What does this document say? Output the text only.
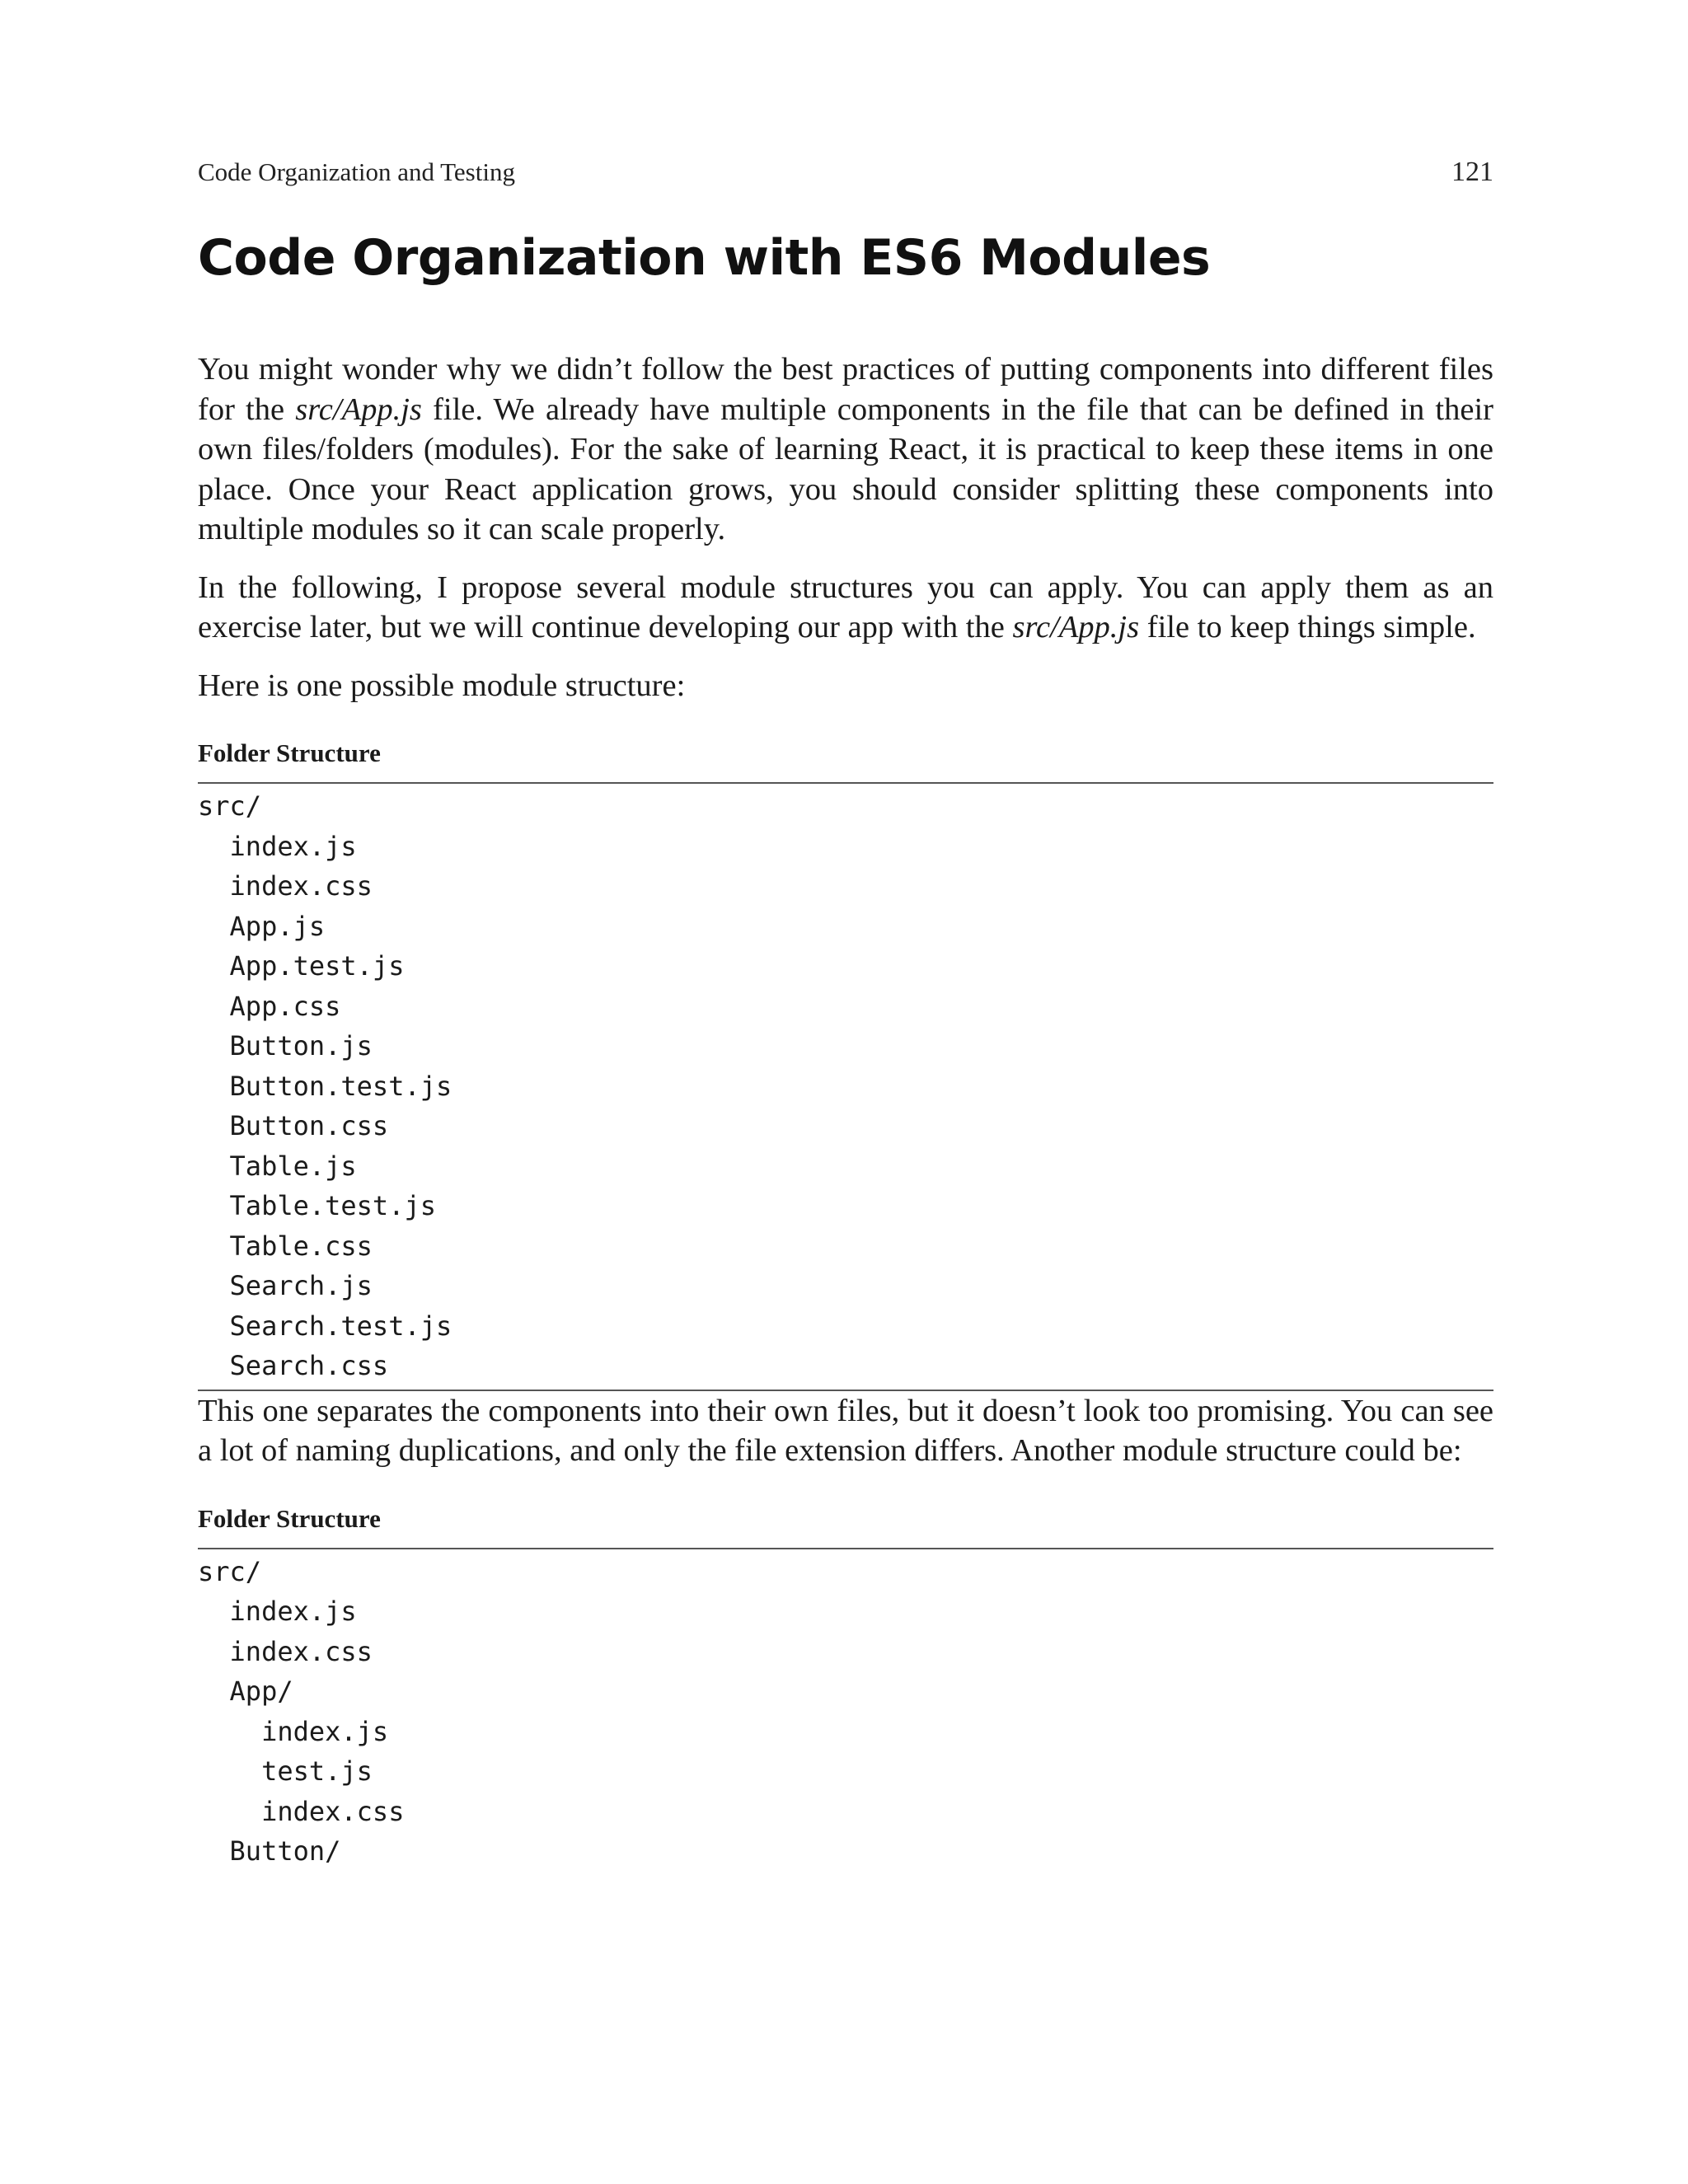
Code Organization and Testing	121
Code Organization with ES6 Modules

You might wonder why we didn’t follow the best practices of putting components into different files for the src/App.js file. We already have multiple components in the file that can be defined in their own files/folders (modules). For the sake of learning React, it is practical to keep these items in one place. Once your React application grows, you should consider splitting these components into multiple modules so it can scale properly.

In the following, I propose several module structures you can apply. You can apply them as an exercise later, but we will continue developing our app with the src/App.js file to keep things simple.

Here is one possible module structure:

Folder Structure
src/
index.js
index.css
App.js
App.test.js
App.css
Button.js
Button.test.js
Button.css
Table.js
Table.test.js
Table.css
Search.js
Search.test.js
Search.css

This one separates the components into their own files, but it doesn’t look too promising. You can see a lot of naming duplications, and only the file extension differs. Another module structure could be:

Folder Structure
src/
index.js
index.css
App/
index.js
test.js
index.css
Button/
